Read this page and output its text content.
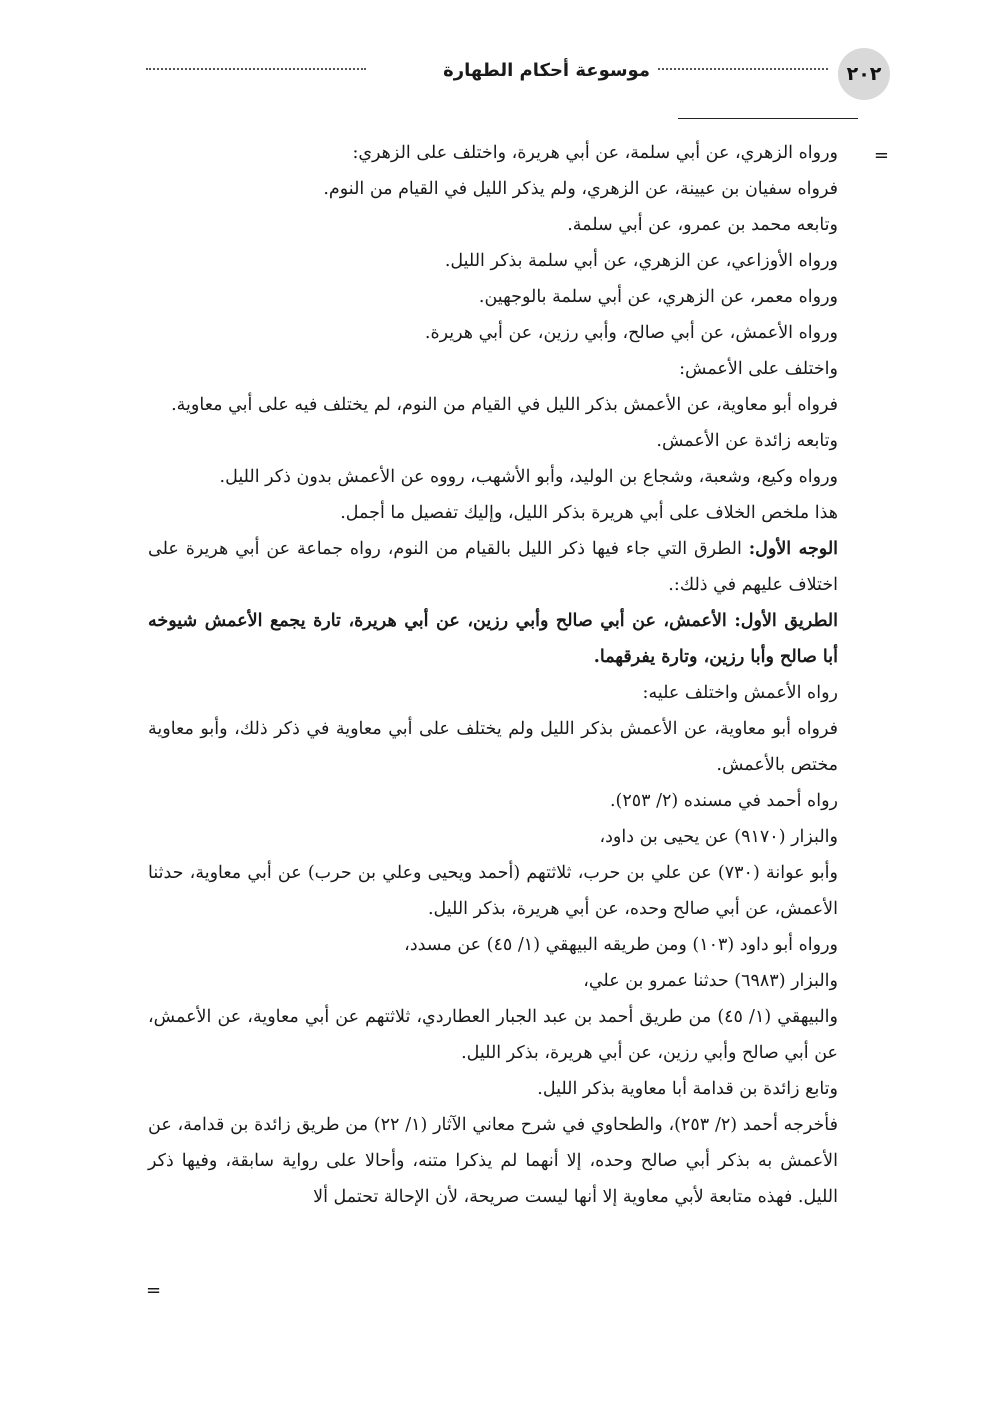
٢٠٢
موسوعة أحكام الطهارة
=

ورواه الزهري، عن أبي سلمة، عن أبي هريرة، واختلف على الزهري:

فرواه سفيان بن عيينة، عن الزهري، ولم يذكر الليل في القيام من النوم.

وتابعه محمد بن عمرو، عن أبي سلمة.

ورواه الأوزاعي، عن الزهري، عن أبي سلمة بذكر الليل.

ورواه معمر، عن الزهري، عن أبي سلمة بالوجهين.

ورواه الأعمش، عن أبي صالح، وأبي رزين، عن أبي هريرة.

واختلف على الأعمش:

فرواه أبو معاوية، عن الأعمش بذكر الليل في القيام من النوم، لم يختلف فيه على أبي معاوية.

وتابعه زائدة عن الأعمش.

ورواه وكيع، وشعبة، وشجاع بن الوليد، وأبو الأشهب، رووه عن الأعمش بدون ذكر الليل.

هذا ملخص الخلاف على أبي هريرة بذكر الليل، وإليك تفصيل ما أجمل.

الوجه الأول: الطرق التي جاء فيها ذكر الليل بالقيام من النوم، رواه جماعة عن أبي هريرة على اختلاف عليهم في ذلك:.

الطريق الأول: الأعمش، عن أبي صالح وأبي رزين، عن أبي هريرة، تارة يجمع الأعمش شيوخه أبا صالح وأبا رزين، وتارة يفرقهما.

رواه الأعمش واختلف عليه:

فرواه أبو معاوية، عن الأعمش بذكر الليل ولم يختلف على أبي معاوية في ذكر ذلك، وأبو معاوية مختص بالأعمش.

رواه أحمد في مسنده (٢/ ٢٥٣).

والبزار (٩١٧٠) عن يحيى بن داود،

وأبو عوانة (٧٣٠) عن علي بن حرب، ثلاثتهم (أحمد ويحيى وعلي بن حرب) عن أبي معاوية، حدثنا الأعمش، عن أبي صالح وحده، عن أبي هريرة، بذكر الليل.

ورواه أبو داود (١٠٣) ومن طريقه البيهقي (١/ ٤٥) عن مسدد،

والبزار (٦٩٨٣) حدثنا عمرو بن علي،

والبيهقي (١/ ٤٥) من طريق أحمد بن عبد الجبار العطاردي، ثلاثتهم عن أبي معاوية، عن الأعمش، عن أبي صالح وأبي رزين، عن أبي هريرة، بذكر الليل.

وتابع زائدة بن قدامة أبا معاوية بذكر الليل.

فأخرجه أحمد (٢/ ٢٥٣)، والطحاوي في شرح معاني الآثار (١/ ٢٢) من طريق زائدة بن قدامة، عن الأعمش به بذكر أبي صالح وحده، إلا أنهما لم يذكرا متنه، وأحالا على رواية سابقة، وفيها ذكر الليل. فهذه متابعة لأبي معاوية إلا أنها ليست صريحة، لأن الإحالة تحتمل ألا

=
